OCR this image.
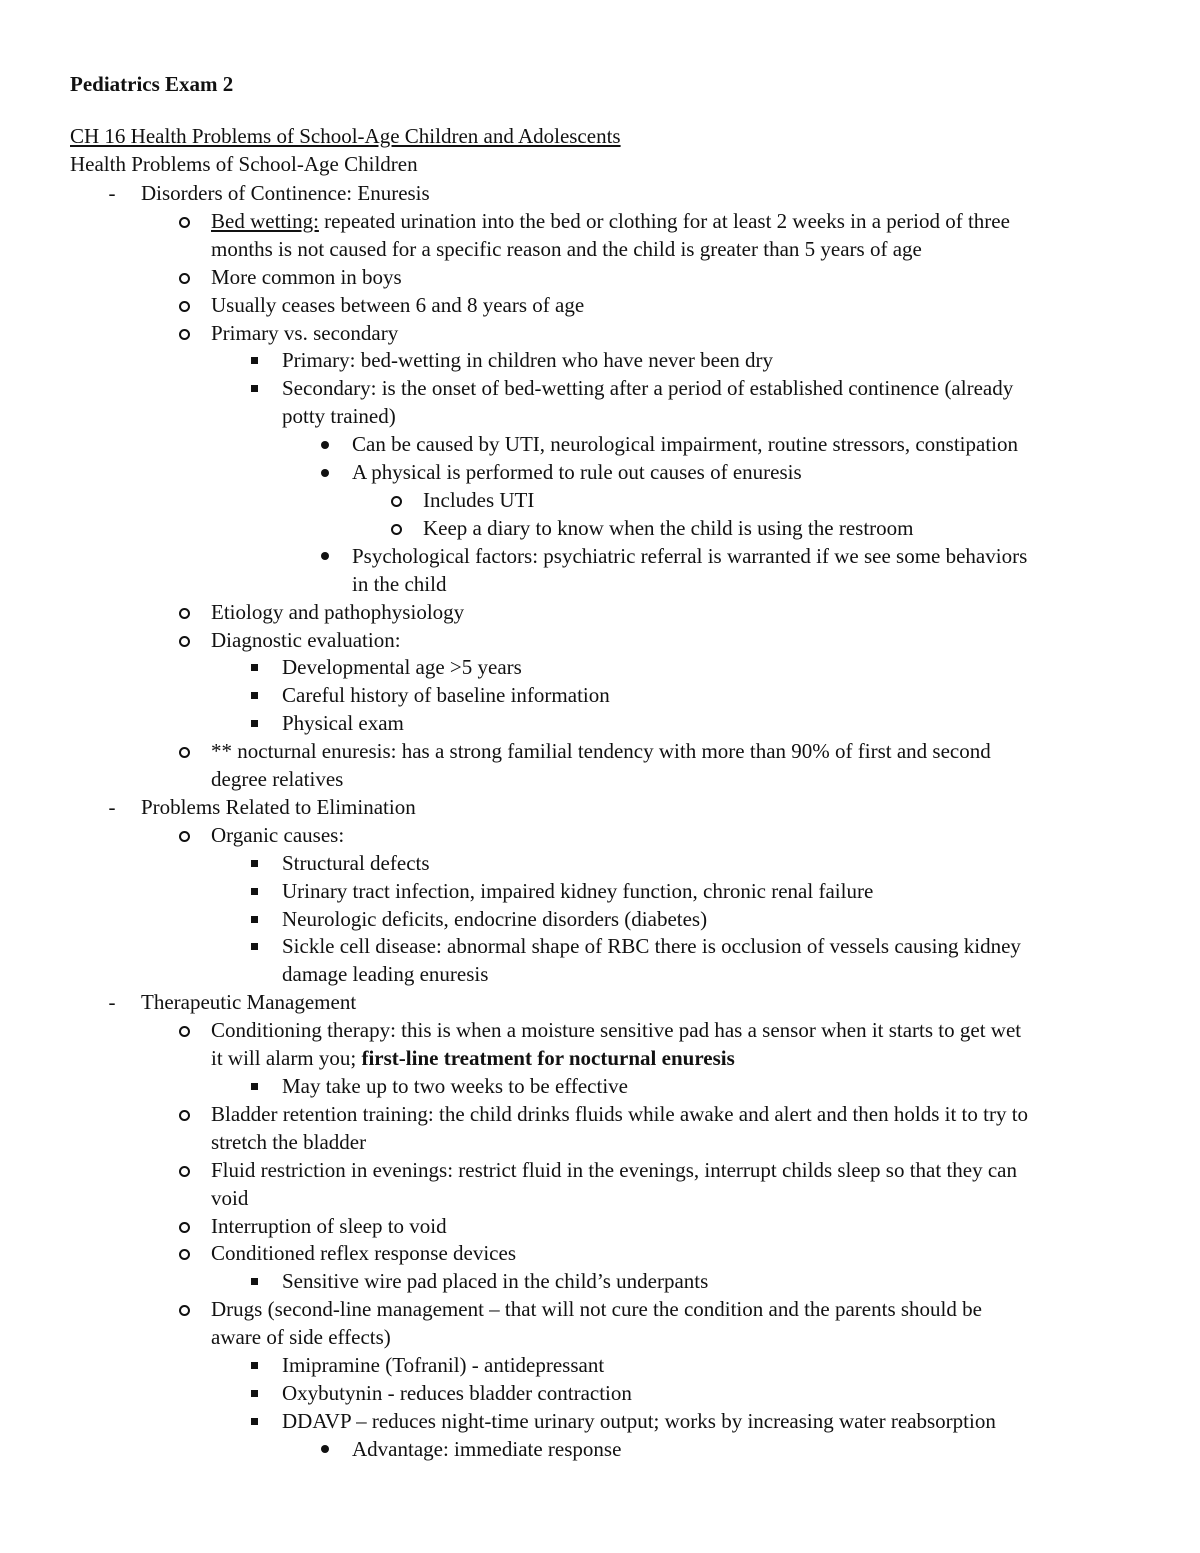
Pediatrics Exam 2
CH 16 Health Problems of School-Age Children and Adolescents
Health Problems of School-Age Children
- Disorders of Continence: Enuresis
Bed wetting: repeated urination into the bed or clothing for at least 2 weeks in a period of three
months is not caused for a specific reason and the child is greater than 5 years of age
More common in boys
Usually ceases between 6 and 8 years of age
Primary vs. secondary
Primary: bed-wetting in children who have never been dry
Secondary: is the onset of bed-wetting after a period of established continence (already
potty trained)
Can be caused by UTI, neurological impairment, routine stressors, constipation
A physical is performed to rule out causes of enuresis
Includes UTI
Keep a diary to know when the child is using the restroom
Psychological factors: psychiatric referral is warranted if we see some behaviors
in the child
Etiology and pathophysiology
Diagnostic evaluation:
Developmental age >5 years
Careful history of baseline information
Physical exam
** nocturnal enuresis: has a strong familial tendency with more than 90% of first and second
degree relatives
- Problems Related to Elimination
Organic causes:
Structural defects
Urinary tract infection, impaired kidney function, chronic renal failure
Neurologic deficits, endocrine disorders (diabetes)
Sickle cell disease: abnormal shape of RBC there is occlusion of vessels causing kidney
damage leading enuresis
- Therapeutic Management
Conditioning therapy: this is when a moisture sensitive pad has a sensor when it starts to get wet
it will alarm you; first-line treatment for nocturnal enuresis
May take up to two weeks to be effective
Bladder retention training: the child drinks fluids while awake and alert and then holds it to try to
stretch the bladder
Fluid restriction in evenings: restrict fluid in the evenings, interrupt childs sleep so that they can
void
Interruption of sleep to void
Conditioned reflex response devices
Sensitive wire pad placed in the child’s underpants
Drugs (second-line management – that will not cure the condition and the parents should be
aware of side effects)
Imipramine (Tofranil) - antidepressant
Oxybutynin - reduces bladder contraction
DDAVP – reduces night-time urinary output; works by increasing water reabsorption
Advantage: immediate response
